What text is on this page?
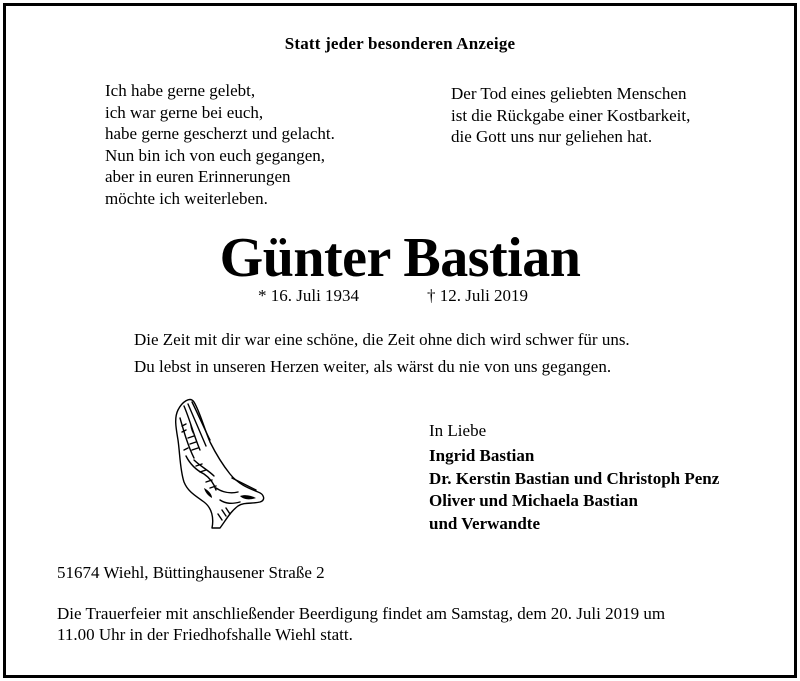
Statt jeder besonderen Anzeige
Ich habe gerne gelebt,
ich war gerne bei euch,
habe gerne gescherzt und gelacht.
Nun bin ich von euch gegangen,
aber in euren Erinnerungen
möchte ich weiterleben.
Der Tod eines geliebten Menschen
ist die Rückgabe einer Kostbarkeit,
die Gott uns nur geliehen hat.
Günter Bastian
* 16. Juli 1934	† 12. Juli 2019
Die Zeit mit dir war eine schöne, die Zeit ohne dich wird schwer für uns.
Du lebst in unseren Herzen weiter, als wärst du nie von uns gegangen.
In Liebe
Ingrid Bastian
Dr. Kerstin Bastian und Christoph Penz
Oliver und Michaela Bastian
und Verwandte
51674 Wiehl, Büttinghausener Straße 2
Die Trauerfeier mit anschließender Beerdigung findet am Samstag, dem 20. Juli 2019 um
11.00 Uhr in der Friedhofshalle Wiehl statt.
